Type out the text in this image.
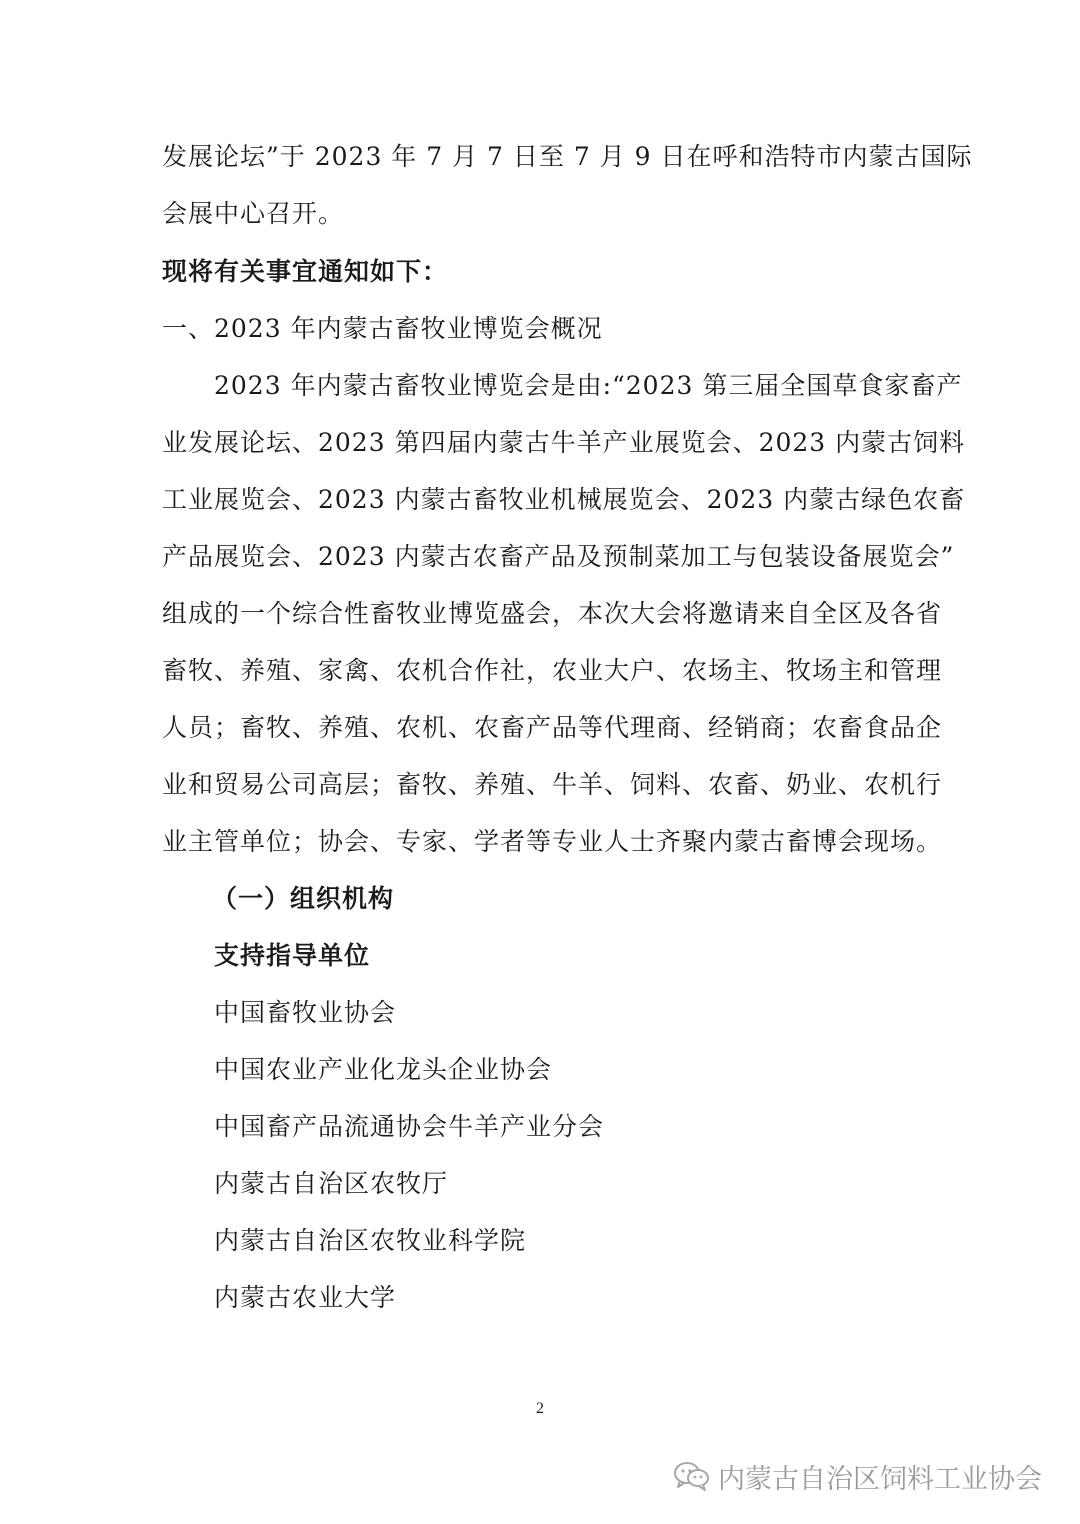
发展论坛”于 2023 年 7 月 7 日至 7 月 9 日在呼和浩特市内蒙古国际
会展中心召开。
现将有关事宜通知如下：
一、2023 年内蒙古畜牧业博览会概况
2023 年内蒙古畜牧业博览会是由:“2023 第三届全国草食家畜产
业发展论坛、2023 第四届内蒙古牛羊产业展览会、2023 内蒙古饲料
工业展览会、2023 内蒙古畜牧业机械展览会、2023 内蒙古绿色农畜
产品展览会、2023 内蒙古农畜产品及预制菜加工与包装设备展览会”
组成的一个综合性畜牧业博览盛会，本次大会将邀请来自全区及各省
畜牧、养殖、家禽、农机合作社，农业大户、农场主、牧场主和管理
人员；畜牧、养殖、农机、农畜产品等代理商、经销商；农畜食品企
业和贸易公司高层；畜牧、养殖、牛羊、饲料、农畜、奶业、农机行
业主管单位；协会、专家、学者等专业人士齐聚内蒙古畜博会现场。
（一）组织机构
支持指导单位
中国畜牧业协会
中国农业产业化龙头企业协会
中国畜产品流通协会牛羊产业分会
内蒙古自治区农牧厅
内蒙古自治区农牧业科学院
内蒙古农业大学
2
内蒙古自治区饲料工业协会
